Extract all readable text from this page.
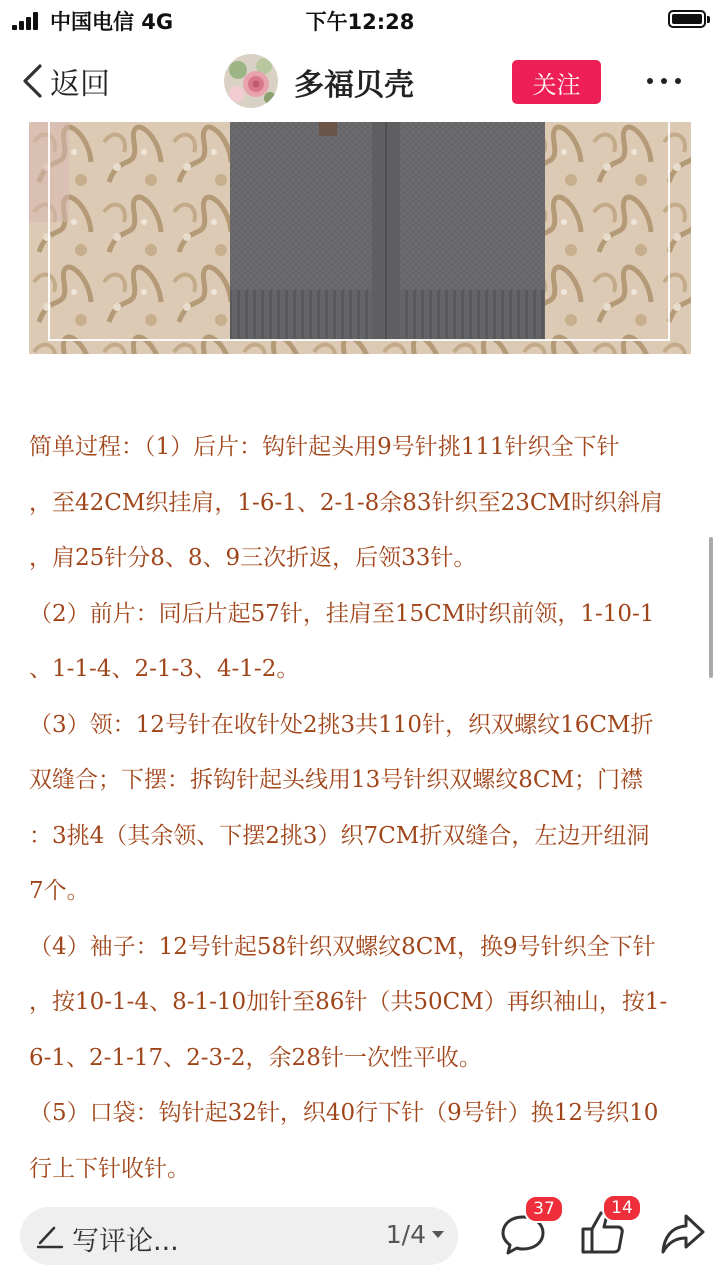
中国电信 4G	下午12:28
返回	多福贝壳	关注

简单过程：（1）后片：钩针起头用9号针挑111针织全下针

，至42CM织挂肩，1-6-1、2-1-8余83针织至23CM时织斜肩

，肩25针分8、8、9三次折返，后领33针。

（2）前片：同后片起57针，挂肩至15CM时织前领，1-10-1

、1-1-4、2-1-3、4-1-2。

（3）领：12号针在收针处2挑3共110针，织双螺纹16CM折

双缝合；下摆：拆钩针起头线用13号针织双螺纹8CM；门襟

：3挑4（其余领、下摆2挑3）织7CM折双缝合，左边开纽洞

7个。

（4）袖子：12号针起58针织双螺纹8CM，换9号针织全下针

，按10-1-4、8-1-10加针至86针（共50CM）再织袖山，按1-

6-1、2-1-17、2-3-2，余28针一次性平收。

（5）口袋：钩针起32针，织40行下针（9号针）换12号织10

行上下针收针。

写评论...	1/4
37	14
